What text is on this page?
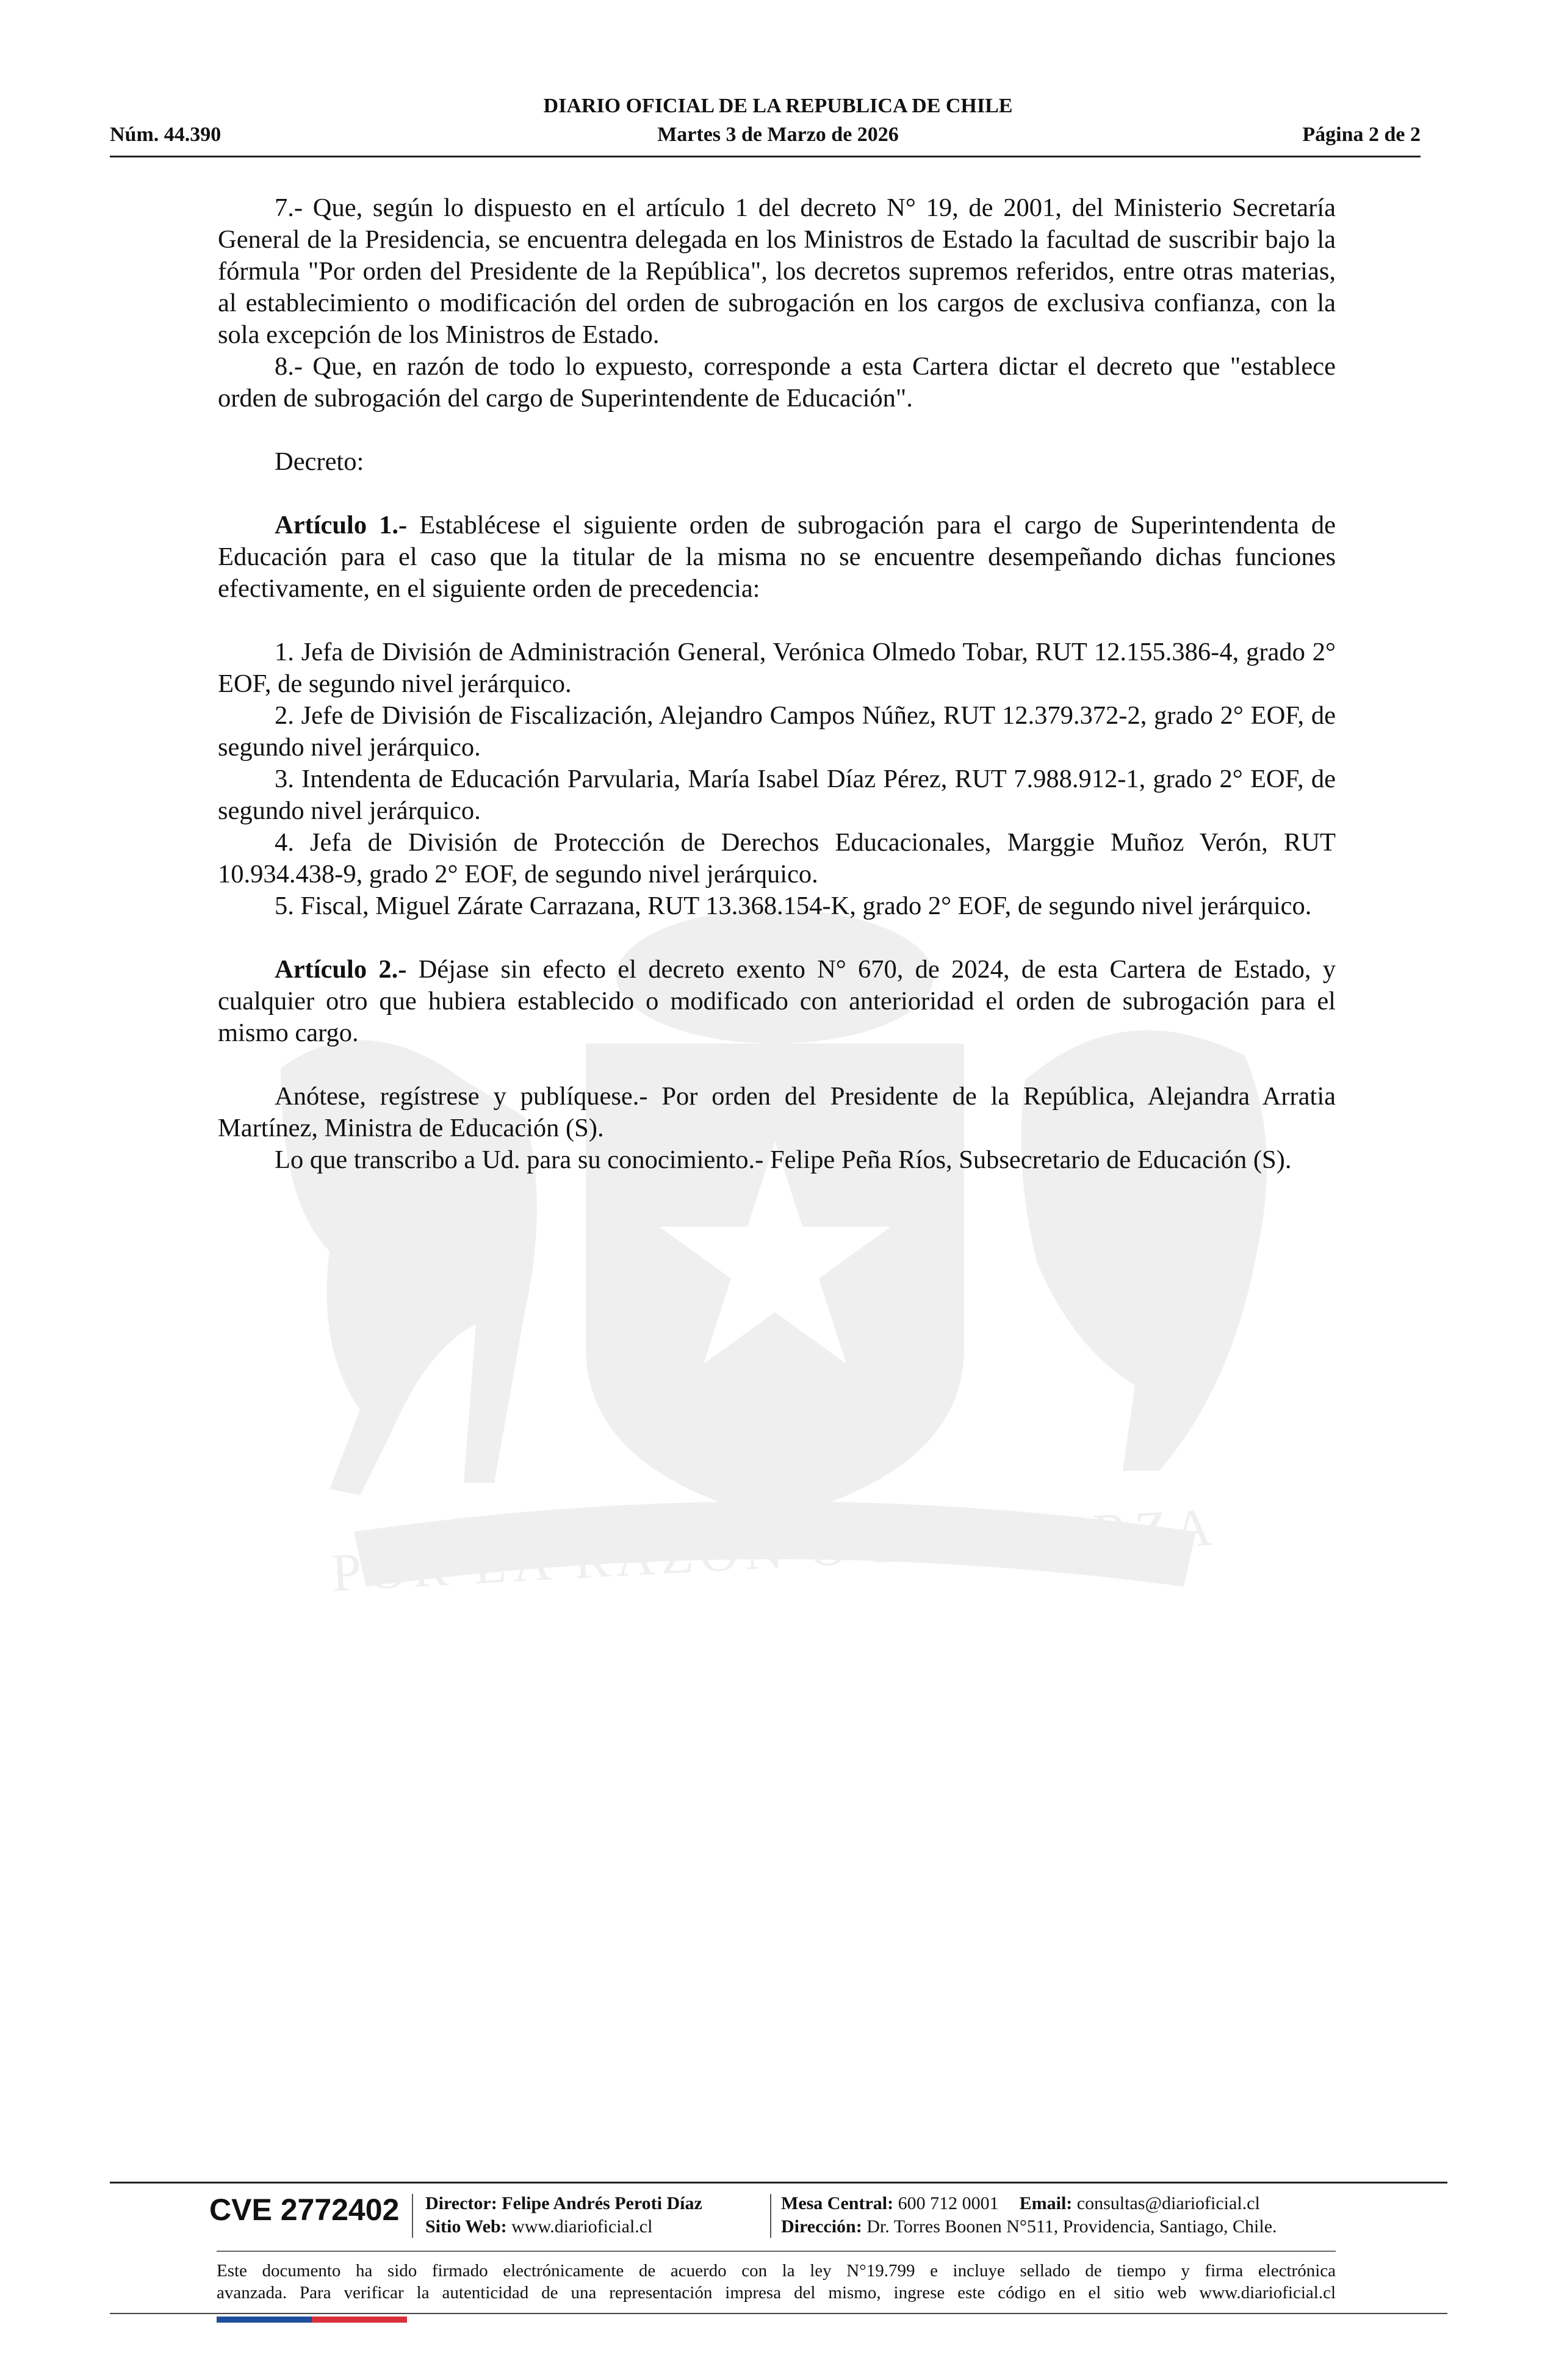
POR LA RAZÓN O LA FUERZA
DIARIO OFICIAL DE LA REPUBLICA DE CHILE
Núm. 44.390	Martes 3 de Marzo de 2026	Página 2 de 2

7.- Que, según lo dispuesto en el artículo 1 del decreto N° 19, de 2001, del Ministerio Secretaría General de la Presidencia, se encuentra delegada en los Ministros de Estado la facultad de suscribir bajo la fórmula "Por orden del Presidente de la República", los decretos supremos referidos, entre otras materias, al establecimiento o modificación del orden de subrogación en los cargos de exclusiva confianza, con la sola excepción de los Ministros de Estado.

8.- Que, en razón de todo lo expuesto, corresponde a esta Cartera dictar el decreto que "establece orden de subrogación del cargo de Superintendente de Educación".

Decreto:

Artículo 1.- Establécese el siguiente orden de subrogación para el cargo de Superintendenta de Educación para el caso que la titular de la misma no se encuentre desempeñando dichas funciones efectivamente, en el siguiente orden de precedencia:

1. Jefa de División de Administración General, Verónica Olmedo Tobar, RUT 12.155.386-4, grado 2° EOF, de segundo nivel jerárquico.

2. Jefe de División de Fiscalización, Alejandro Campos Núñez, RUT 12.379.372-2, grado 2° EOF, de segundo nivel jerárquico.

3. Intendenta de Educación Parvularia, María Isabel Díaz Pérez, RUT 7.988.912-1, grado 2° EOF, de segundo nivel jerárquico.

4. Jefa de División de Protección de Derechos Educacionales, Marggie Muñoz Verón, RUT 10.934.438-9, grado 2° EOF, de segundo nivel jerárquico.

5. Fiscal, Miguel Zárate Carrazana, RUT 13.368.154-K, grado 2° EOF, de segundo nivel jerárquico.

Artículo 2.- Déjase sin efecto el decreto exento N° 670, de 2024, de esta Cartera de Estado, y cualquier otro que hubiera establecido o modificado con anterioridad el orden de subrogación para el mismo cargo.

Anótese, regístrese y publíquese.- Por orden del Presidente de la República, Alejandra Arratia Martínez, Ministra de Educación (S).

Lo que transcribo a Ud. para su conocimiento.- Felipe Peña Ríos, Subsecretario de Educación (S).

CVE 2772402 Director: Felipe Andrés Peroti Díaz
Sitio Web: www.diarioficial.cl
Mesa Central: 600 712 0001 Email: consultas@diarioficial.cl
Dirección: Dr. Torres Boonen N°511, Providencia, Santiago, Chile.
Este documento ha sido firmado electrónicamente de acuerdo con la ley N°19.799 e incluye sellado de tiempo y firma electrónica
avanzada. Para verificar la autenticidad de una representación impresa del mismo, ingrese este código en el sitio web www.diarioficial.cl
